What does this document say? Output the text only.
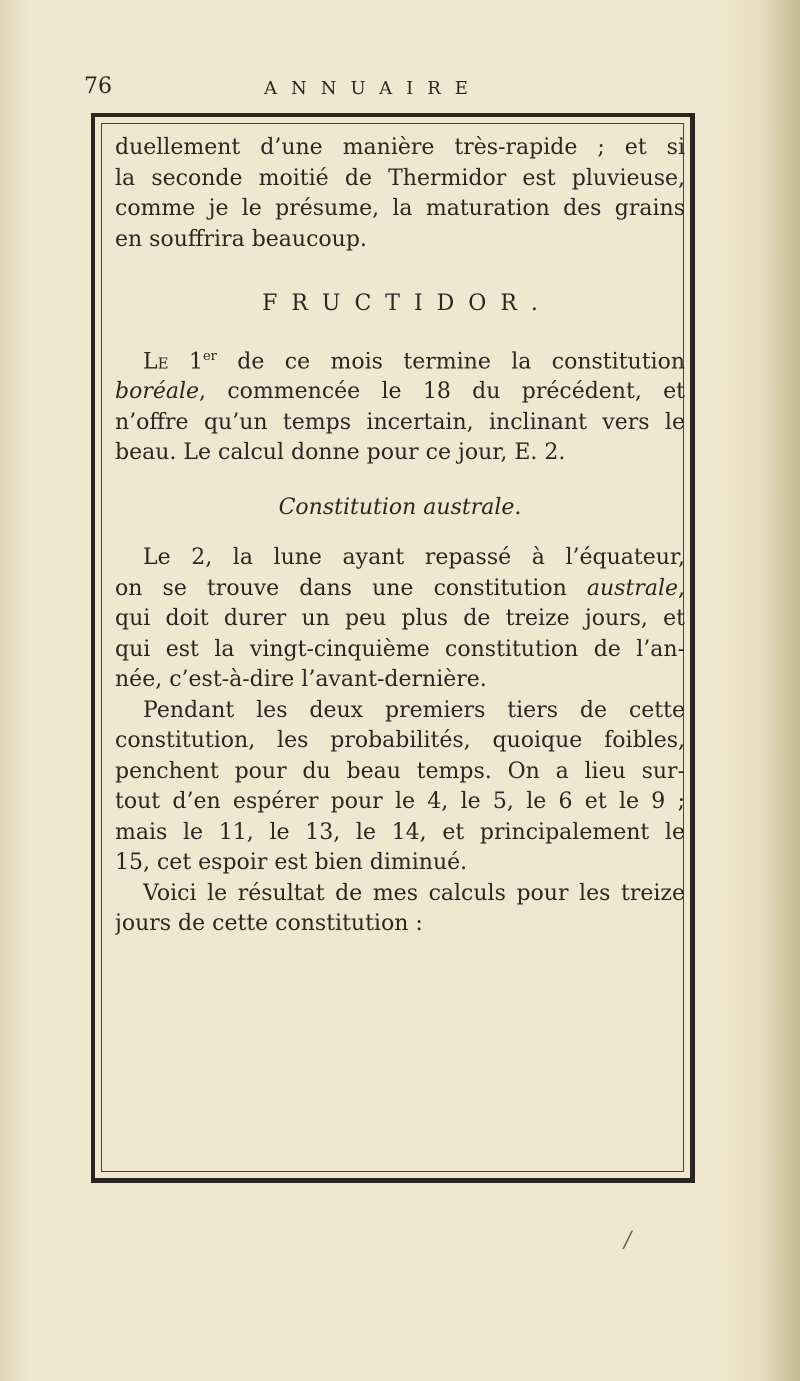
76	ANNUAIRE
duellement d’une manière très-rapide ; et si
la seconde moitié de Thermidor est pluvieuse,
comme je le présume, la maturation des grains
en souffrira beaucoup.
FRUCTIDOR.
Le 1er de ce mois termine la constitution
boréale, commencée le 18 du précédent, et
n’offre qu’un temps incertain, inclinant vers le
beau. Le calcul donne pour ce jour, E. 2.
Constitution australe.
Le 2, la lune ayant repassé à l’équateur,
on se trouve dans une constitution australe,
qui doit durer un peu plus de treize jours, et
qui est la vingt-cinquième constitution de l’an-
née, c’est-à-dire l’avant-dernière.
Pendant les deux premiers tiers de cette
constitution, les probabilités, quoique foibles,
penchent pour du beau temps. On a lieu sur-
tout d’en espérer pour le 4, le 5, le 6 et le 9 ;
mais le 11, le 13, le 14, et principalement le
15, cet espoir est bien diminué.
Voici le résultat de mes calculs pour les treize
jours de cette constitution :
/
